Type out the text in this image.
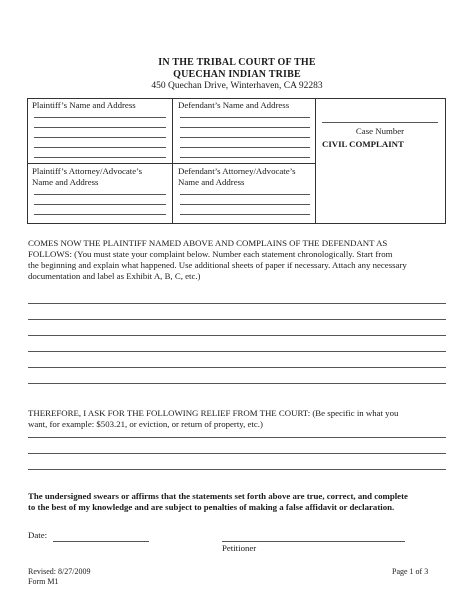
IN THE TRIBAL COURT OF THE
QUECHAN INDIAN TRIBE
450 Quechan Drive, Winterhaven, CA 92283
Plaintiff’s Name and Address	Defendant’s Name and Address
Case Number
CIVIL COMPLAINT
Plaintiff’s Attorney/Advocate’s
Name and Address
Defendant’s Attorney/Advocate’s
Name and Address
COMES NOW THE PLAINTIFF NAMED ABOVE AND COMPLAINS OF THE DEFENDANT AS
FOLLOWS: (You must state your complaint below. Number each statement chronologically. Start from
the beginning and explain what happened. Use additional sheets of paper if necessary. Attach any necessary
documentation and label as Exhibit A, B, C, etc.)
THEREFORE, I ASK FOR THE FOLLOWING RELIEF FROM THE COURT: (Be specific in what you
want, for example: $503.21, or eviction, or return of property, etc.)
The undersigned swears or affirms that the statements set forth above are true, correct, and complete
to the best of my knowledge and are subject to penalties of making a false affidavit or declaration.
Date:
Petitioner
Revised: 8/27/2009
Form M1
Page 1 of 3
